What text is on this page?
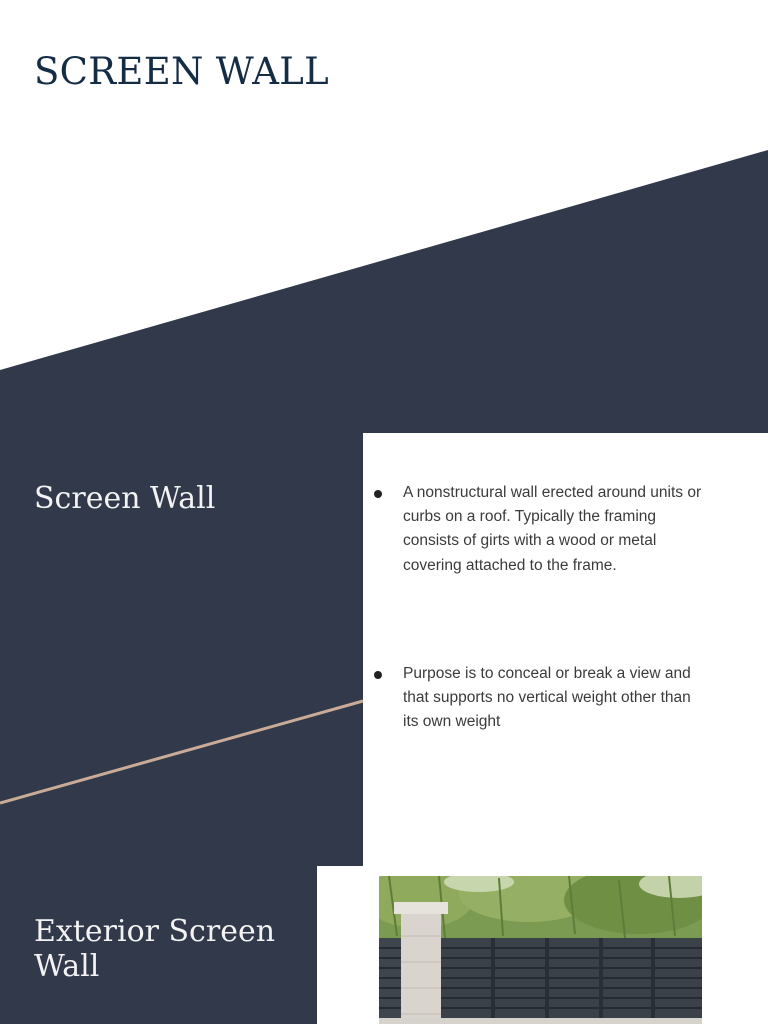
SCREEN WALL
Screen Wall	A nonstructural wall erected around units or curbs on a roof. Typically the framing consists of girts with a wood or metal covering attached to the frame.
Purpose is to conceal or break a view and that supports no vertical weight other than its own weight
Exterior Screen Wall
